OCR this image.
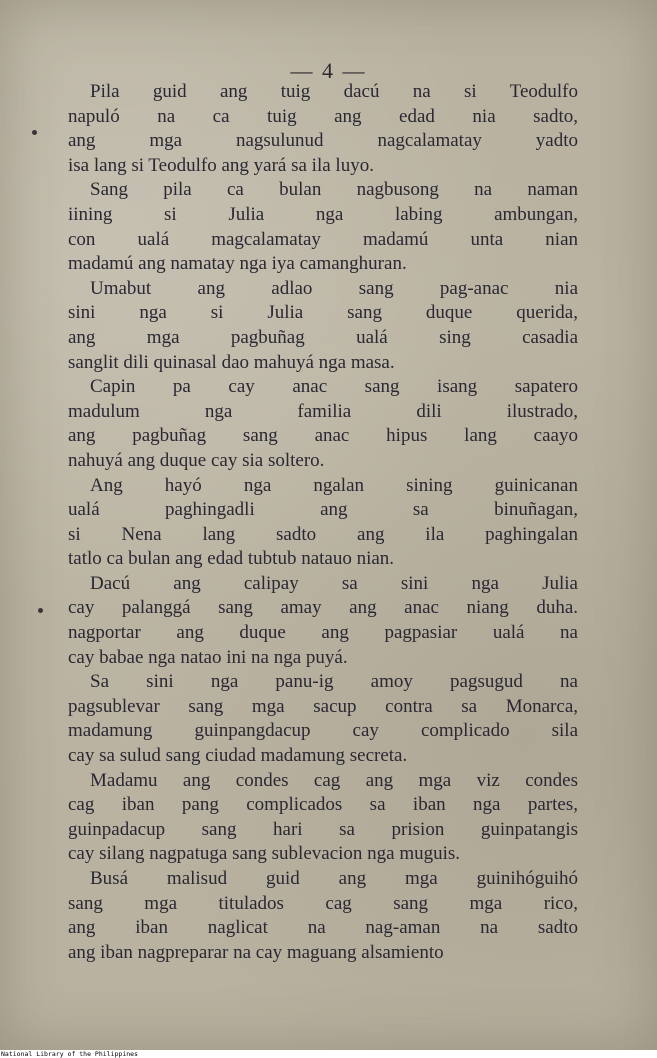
— 4 —
Pila guid ang tuig dacú na si Teodulfo
napuló na ca tuig ang edad nia sadto,
ang mga nagsulunud nagcalamatay yadto
isa lang si Teodulfo ang yará sa ila luyo.
Sang pila ca bulan nagbusong na naman
iining si Julia nga labing ambungan,
con ualá magcalamatay madamú unta nian
madamú ang namatay nga iya camanghuran.
Umabut ang adlao sang pag-anac nia
sini nga si Julia sang duque querida,
ang mga pagbuñag ualá sing casadia
sanglit dili quinasal dao mahuyá nga masa.
Capin pa cay anac sang isang sapatero
madulum nga familia dili ilustrado,
ang pagbuñag sang anac hipus lang caayo
nahuyá ang duque cay sia soltero.
Ang hayó nga ngalan sining guinicanan
ualá paghingadli ang sa binuñagan,
si Nena lang sadto ang ila paghingalan
tatlo ca bulan ang edad tubtub natauo nian.
Dacú ang calipay sa sini nga Julia
cay palanggá sang amay ang anac niang duha.
nagportar ang duque ang pagpasiar ualá na
cay babae nga natao ini na nga puyá.
Sa sini nga panu-ig amoy pagsugud na
pagsublevar sang mga sacup contra sa Monarca,
madamung guinpangdacup cay complicado sila
cay sa sulud sang ciudad madamung secreta.
Madamu ang condes cag ang mga viz condes
cag iban pang complicados sa iban nga partes,
guinpadacup sang hari sa prision guinpatangis
cay silang nagpatuga sang sublevacion nga muguis.
Busá malisud guid ang mga guinihóguihó
sang mga titulados cag sang mga rico,
ang iban naglicat na nag-aman na sadto
ang iban nagpreparar na cay maguang alsamiento
National Library of the Philippines
